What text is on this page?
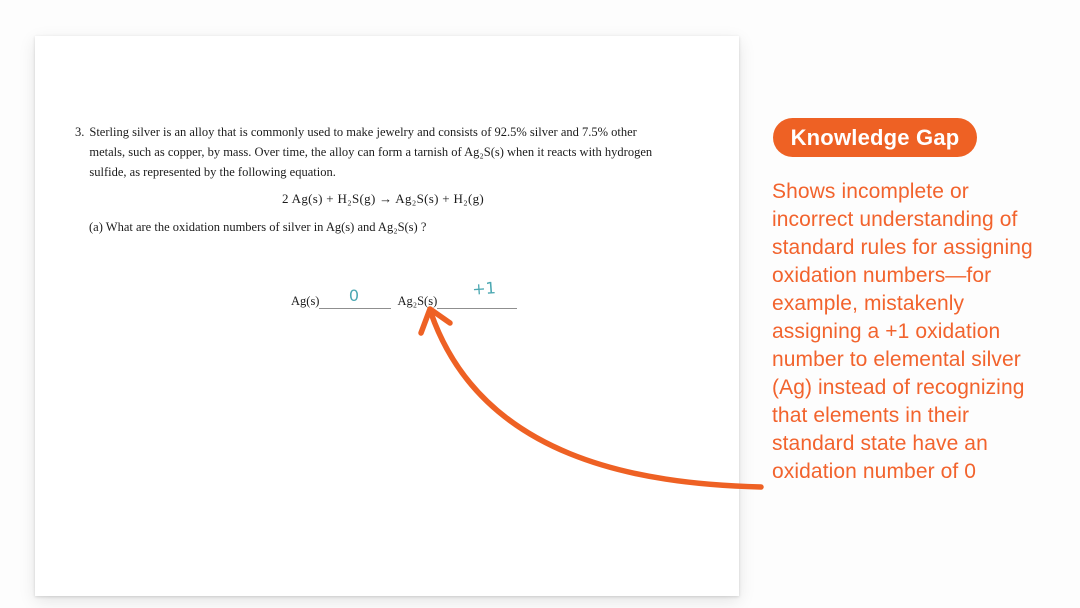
3. Sterling silver is an alloy that is commonly used to make jewelry and consists of 92.5% silver and 7.5% other
metals, such as copper, by mass. Over time, the alloy can form a tarnish of Ag₂S(s) when it reacts with hydrogen
sulfide, as represented by the following equation.
2 Ag(s) + H₂S(g) → Ag₂S(s) + H₂(g)
(a) What are the oxidation numbers of silver in Ag(s) and Ag₂S(s) ?
Ag(s) 0	Ag₂S(s)
+1
Knowledge Gap
Shows incomplete or
incorrect understanding of
standard rules for assigning
oxidation numbers—for
example, mistakenly
assigning a +1 oxidation
number to elemental silver
(Ag) instead of recognizing
that elements in their
standard state have an
oxidation number of 0
